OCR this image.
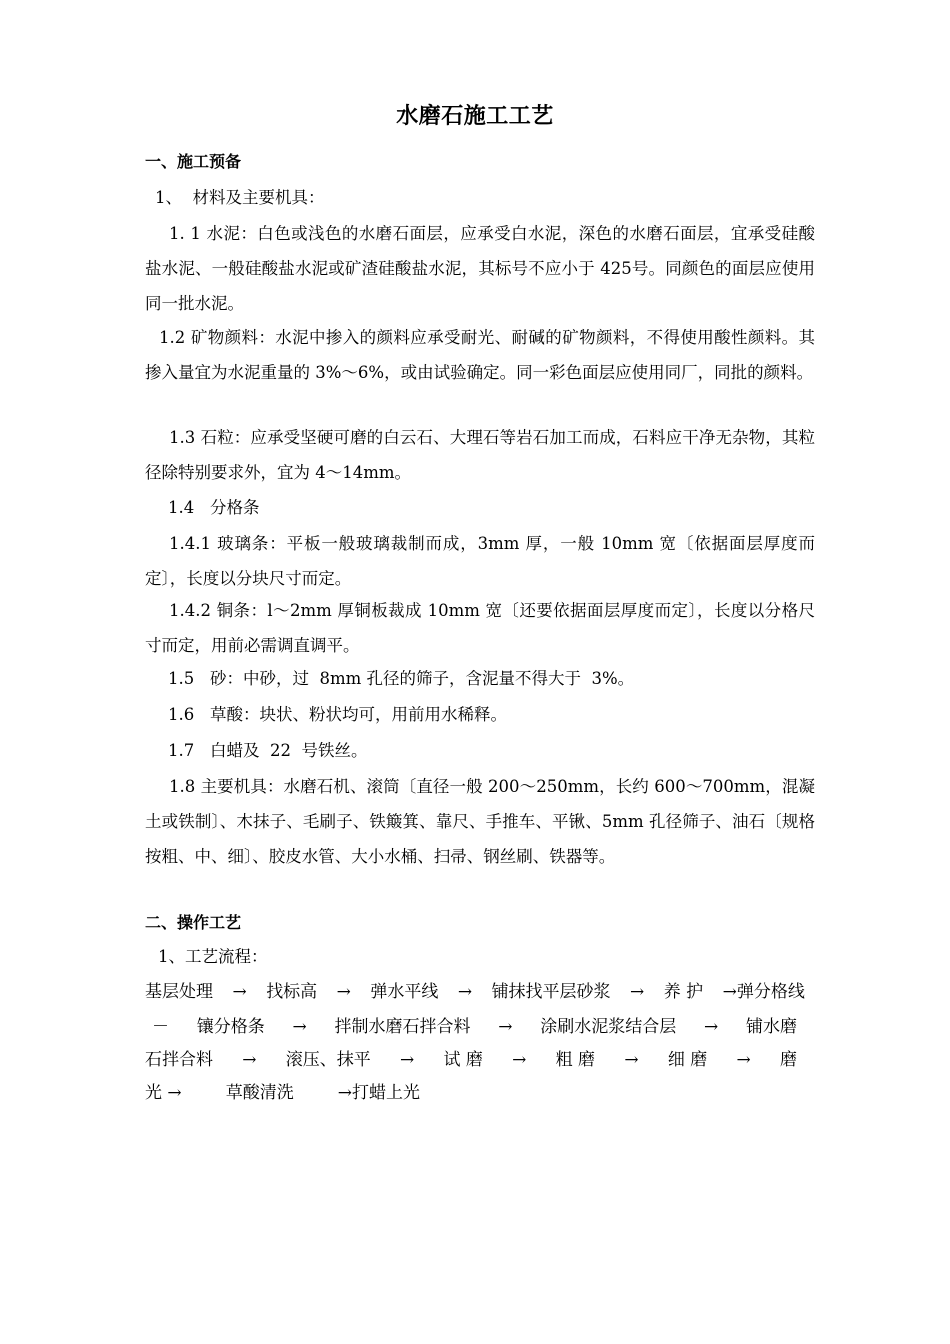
水磨石施工工艺
一、施工预备
1、  材料及主要机具：
1. 1 水泥：白色或浅色的水磨石面层，应承受白水泥，深色的水磨石面层，宜承受硅酸盐水泥、一般硅酸盐水泥或矿渣硅酸盐水泥，其标号不应小于 425号。同颜色的面层应使用同一批水泥。
1.2 矿物颜料：水泥中掺入的颜料应承受耐光、耐碱的矿物颜料，不得使用酸性颜料。其掺入量宜为水泥重量的 3%～6%，或由试验确定。同一彩色面层应使用同厂，同批的颜料。
1.3 石粒：应承受坚硬可磨的白云石、大理石等岩石加工而成，石料应干净无杂物，其粒径除特别要求外，宜为 4～14mm。
1.4   分格条
1.4.1 玻璃条：平板一般玻璃裁制而成，3mm 厚，一般 10mm 宽〔依据面层厚度而定〕，长度以分块尺寸而定。
1.4.2 铜条：l～2mm 厚铜板裁成 10mm 宽〔还要依据面层厚度而定〕，长度以分格尺寸而定，用前必需调直调平。
1.5   砂：中砂，过  8mm 孔径的筛子，含泥量不得大于  3%。
1.6   草酸：块状、粉状均可，用前用水稀释。
1.7   白蜡及  22  号铁丝。
1.8 主要机具：水磨石机、滚筒〔直径一般 200～250mm，长约 600～700mm，混凝土或铁制〕、木抹子、毛刷子、铁簸箕、靠尺、手推车、平锹、5mm 孔径筛子、油石〔规格按粗、中、细〕、胶皮水管、大小水桶、扫帚、钢丝刷、铁器等。
二、操作工艺
1、工艺流程：
基层处理 → 找标高 → 弹水平线 → 铺抹找平层砂浆 → 养 护 →弹分格线
－ 镶分格条 → 拌制水磨石拌合料 → 涂刷水泥浆结合层 → 铺水磨
石拌合料 → 滚压、抹平 → 试 磨 → 粗 磨 → 细 磨 → 磨
光 →	草酸清洗	→打蜡上光
